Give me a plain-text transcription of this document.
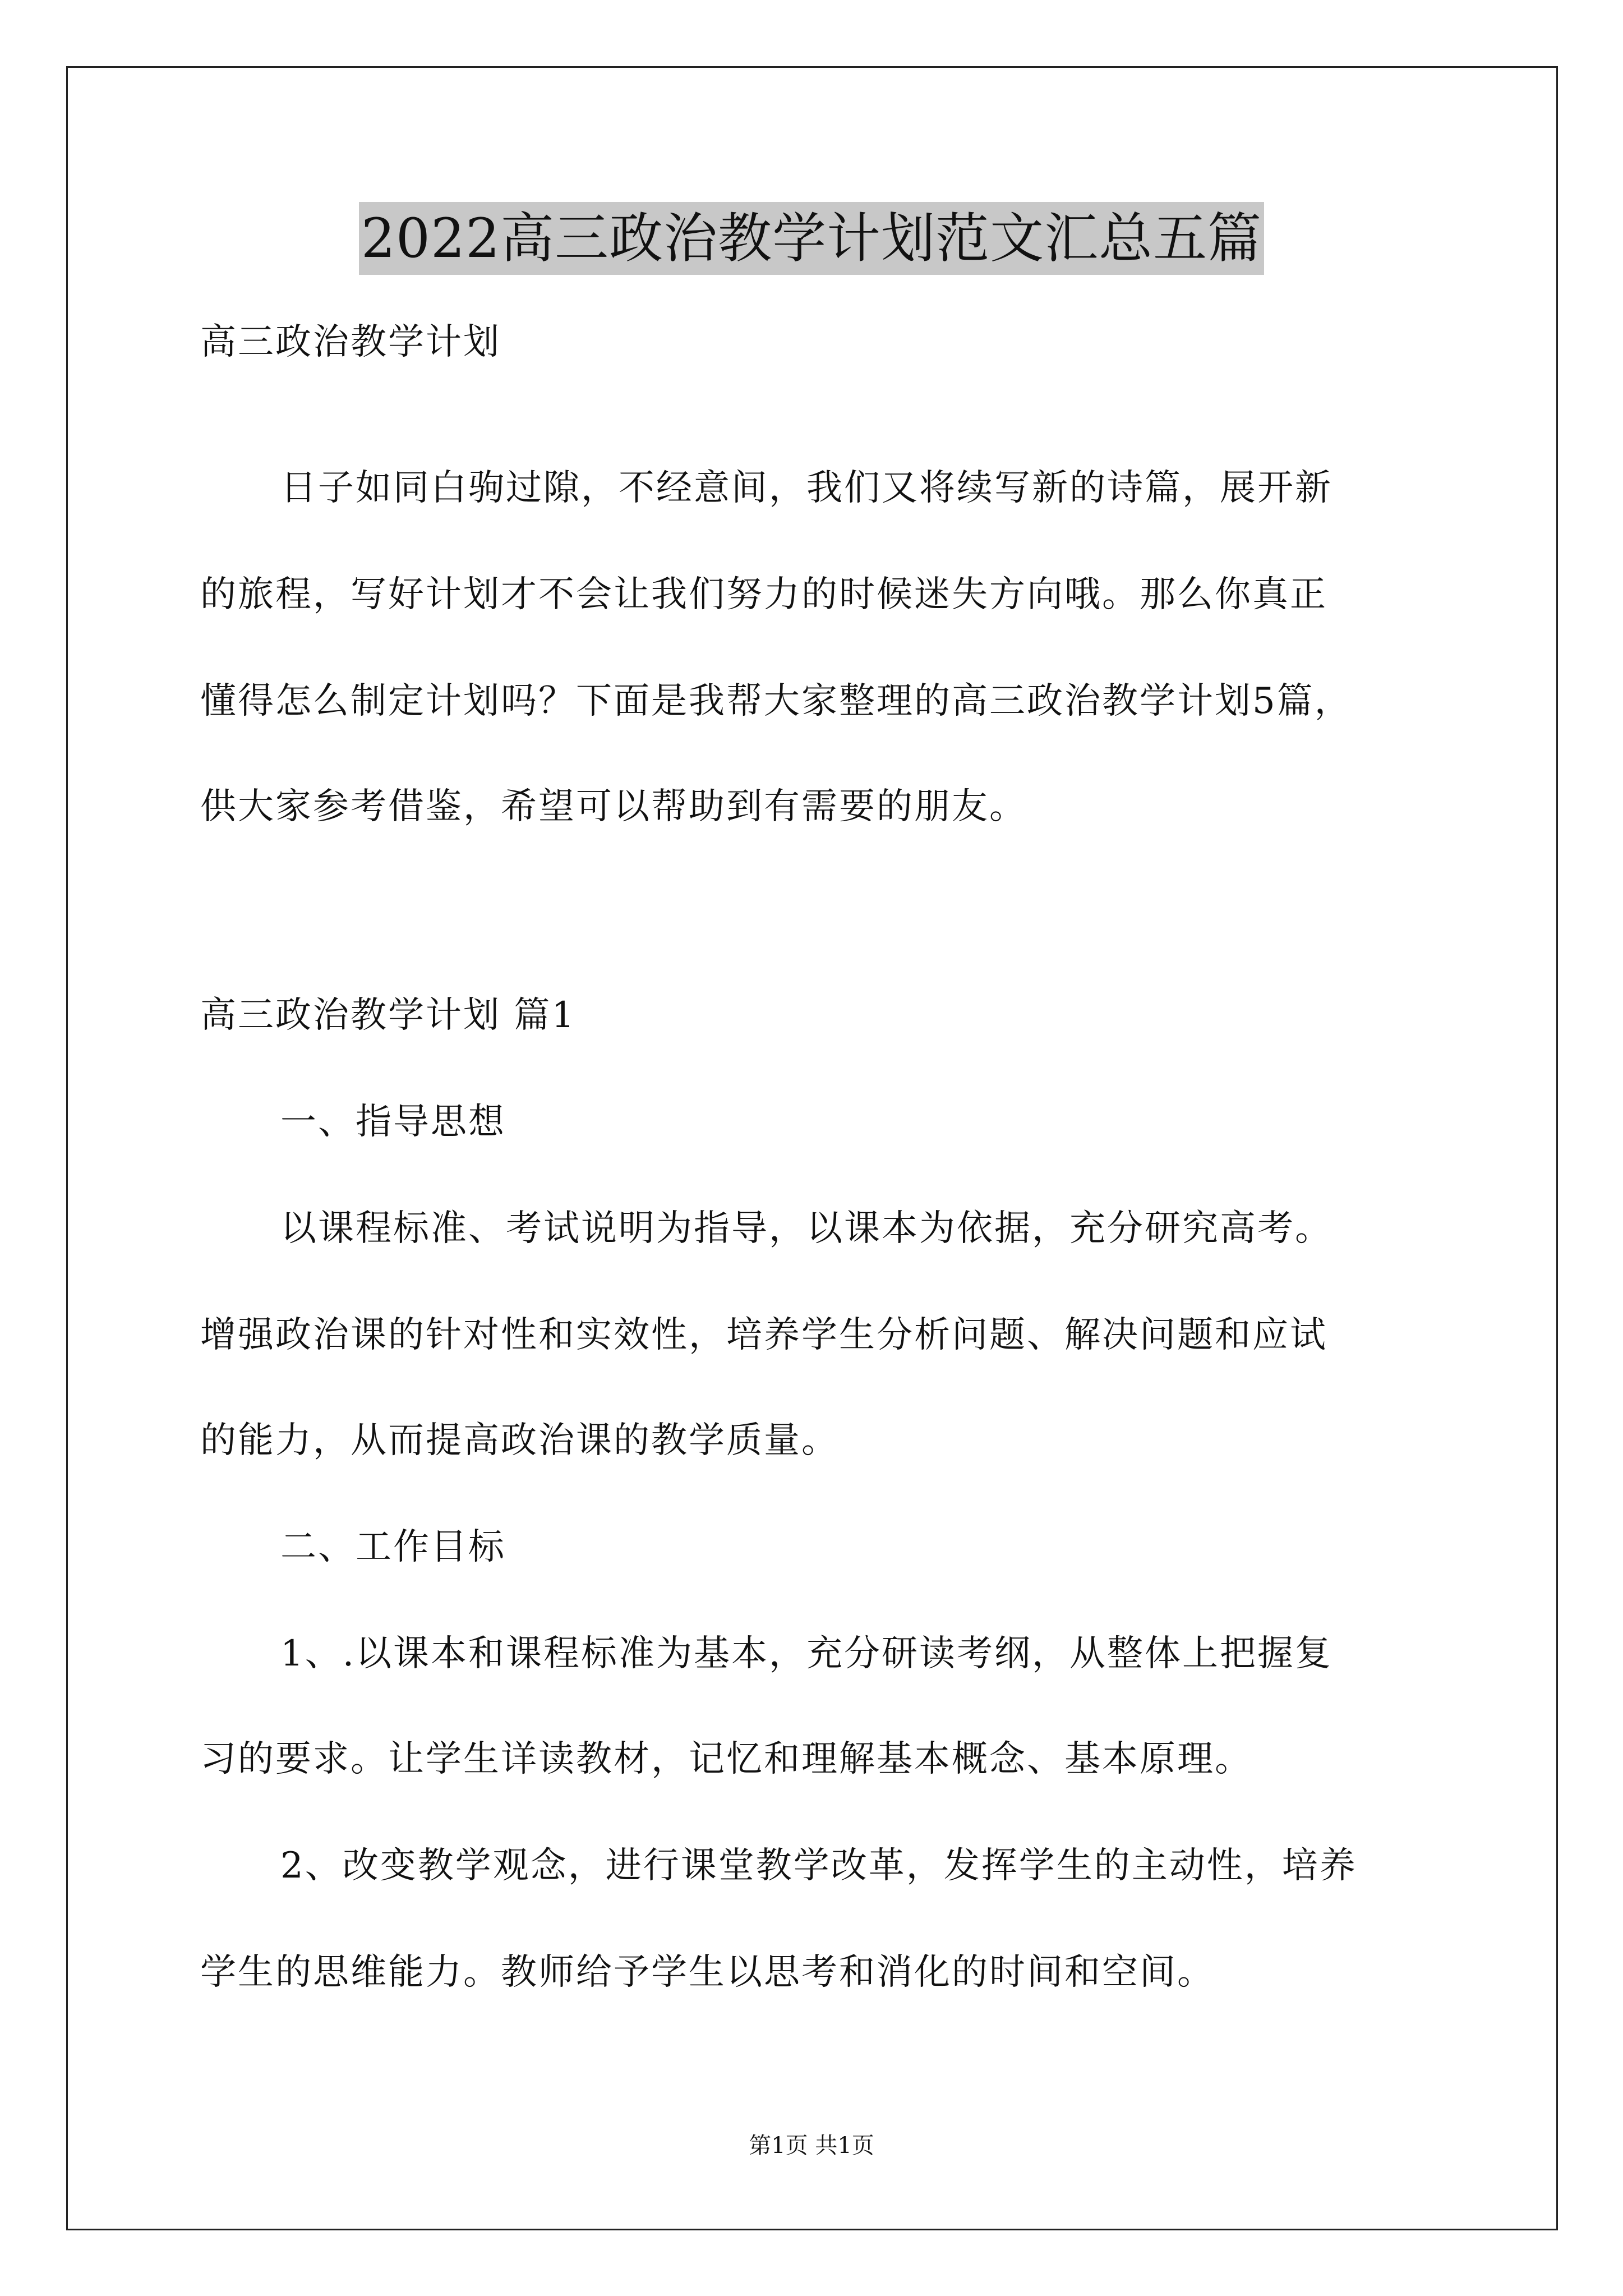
2022高三政治教学计划范文汇总五篇
高三政治教学计划
日子如同白驹过隙，不经意间，我们又将续写新的诗篇，展开新
的旅程，写好计划才不会让我们努力的时候迷失方向哦。那么你真正
懂得怎么制定计划吗？下面是我帮大家整理的高三政治教学计划5篇，
供大家参考借鉴，希望可以帮助到有需要的朋友。
高三政治教学计划 篇1
一、指导思想
以课程标准、考试说明为指导，以课本为依据，充分研究高考。
增强政治课的针对性和实效性，培养学生分析问题、解决问题和应试
的能力，从而提高政治课的教学质量。
二、工作目标
1、.以课本和课程标准为基本，充分研读考纲，从整体上把握复
习的要求。让学生详读教材，记忆和理解基本概念、基本原理。
2、改变教学观念，进行课堂教学改革，发挥学生的主动性，培养
学生的思维能力。教师给予学生以思考和消化的时间和空间。
第1页 共1页
